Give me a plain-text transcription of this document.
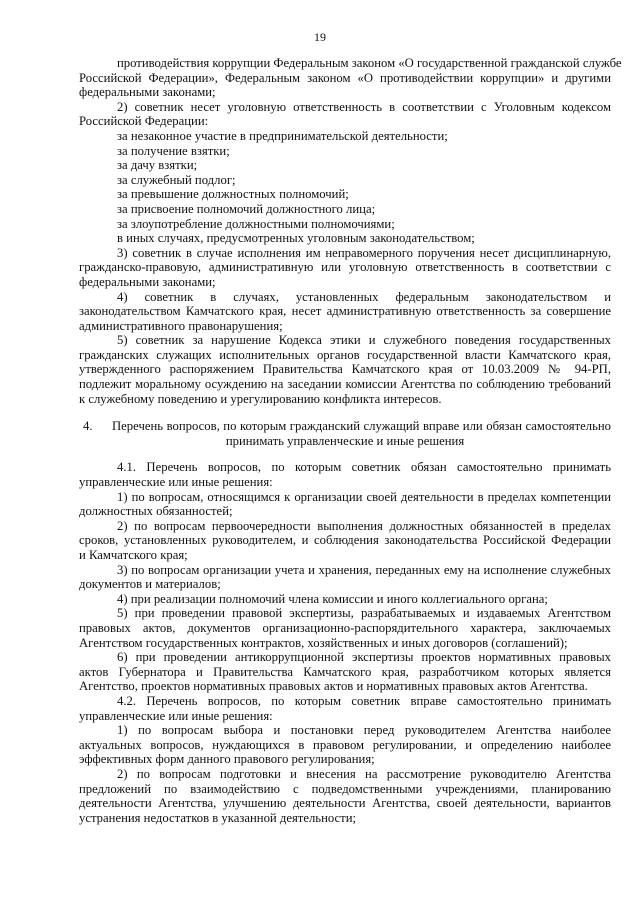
19
противодействия коррупции Федеральным законом «О государственной гражданской службе
Российской Федерации», Федеральным законом «О противодействии коррупции» и другими
федеральными законами;
2) советник несет уголовную ответственность в соответствии с Уголовным кодексом
Российской Федерации:
за незаконное участие в предпринимательской деятельности;
за получение взятки;
за дачу взятки;
за служебный подлог;
за превышение должностных полномочий;
за присвоение полномочий должностного лица;
за злоупотребление должностными полномочиями;
в иных случаях, предусмотренных уголовным законодательством;
3) советник в случае исполнения им неправомерного поручения несет дисциплинарную,
гражданско-правовую, административную или уголовную ответственность в соответствии с
федеральными законами;
4) советник в случаях, установленных федеральным законодательством и
законодательством Камчатского края, несет административную ответственность за совершение
административного правонарушения;
5) советник за нарушение Кодекса этики и служебного поведения государственных
гражданских служащих исполнительных органов государственной власти Камчатского края,
утвержденного распоряжением Правительства Камчатского края от 10.03.2009 № 94-РП,
подлежит моральному осуждению на заседании комиссии Агентства по соблюдению требований
к служебному поведению и урегулированию конфликта интересов.
4. Перечень вопросов, по которым гражданский служащий вправе или обязан самостоятельно
принимать управленческие и иные решения
4.1. Перечень вопросов, по которым советник обязан самостоятельно принимать
управленческие или иные решения:
1) по вопросам, относящимся к организации своей деятельности в пределах компетенции
должностных обязанностей;
2) по вопросам первоочередности выполнения должностных обязанностей в пределах
сроков, установленных руководителем, и соблюдения законодательства Российской Федерации
и Камчатского края;
3) по вопросам организации учета и хранения, переданных ему на исполнение служебных
документов и материалов;
4) при реализации полномочий члена комиссии и иного коллегиального органа;
5) при проведении правовой экспертизы, разрабатываемых и издаваемых Агентством
правовых актов, документов организационно-распорядительного характера, заключаемых
Агентством государственных контрактов, хозяйственных и иных договоров (соглашений);
6) при проведении антикоррупционной экспертизы проектов нормативных правовых
актов Губернатора и Правительства Камчатского края, разработчиком которых является
Агентство, проектов нормативных правовых актов и нормативных правовых актов Агентства.
4.2. Перечень вопросов, по которым советник вправе самостоятельно принимать
управленческие или иные решения:
1) по вопросам выбора и постановки перед руководителем Агентства наиболее
актуальных вопросов, нуждающихся в правовом регулировании, и определению наиболее
эффективных форм данного правового регулирования;
2) по вопросам подготовки и внесения на рассмотрение руководителю Агентства
предложений по взаимодействию с подведомственными учреждениями, планированию
деятельности Агентства, улучшению деятельности Агентства, своей деятельности, вариантов
устранения недостатков в указанной деятельности;
